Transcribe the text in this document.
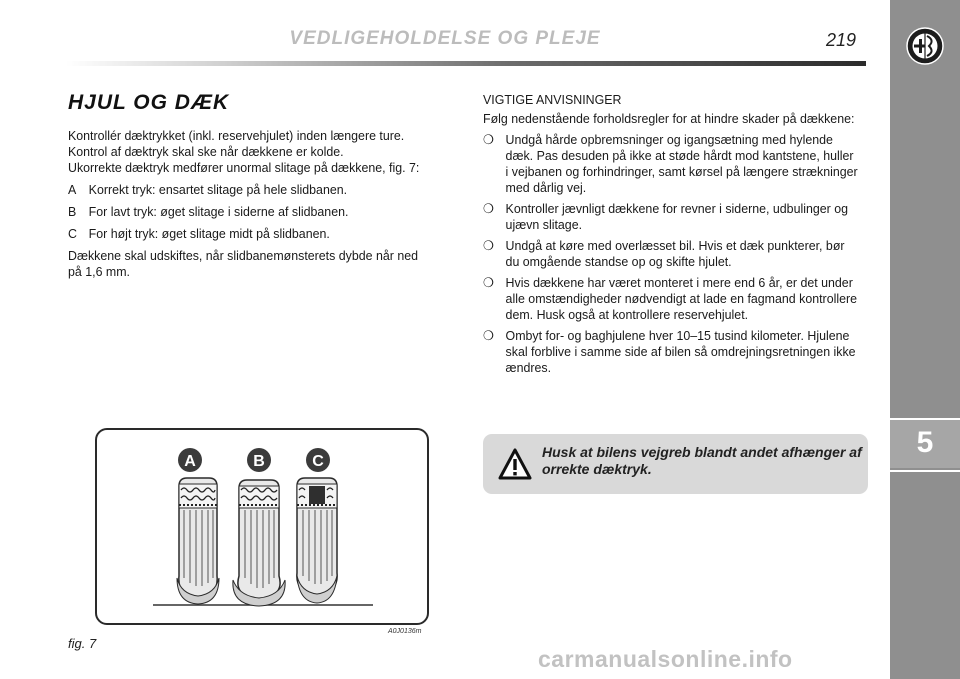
VEDLIGEHOLDELSE OG PLEJE	219
5
HJUL OG DÆK

Kontrollér dæktrykket (inkl. reservehjulet) inden længere ture. Kontrol af dæktryk skal ske når dækkene er kolde.

Ukorrekte dæktryk medfører unormal slitage på dækkene, fig. 7:

A Korrekt tryk: ensartet slitage på hele slidbanen.
B For lavt tryk: øget slitage i siderne af slidbanen.
C For højt tryk: øget slitage midt på slidbanen.

Dækkene skal udskiftes, når slidbanemønsterets dybde når ned på 1,6 mm.

VIGTIGE ANVISNINGER

Følg nedenstående forholdsregler for at hindre skader på dækkene:

❍ Undgå hårde opbremsninger og igangsætning med hylende dæk. Pas desuden på ikke at støde hårdt mod kantstene, huller i vejbanen og forhindringer, samt kørsel på længere strækninger med dårlig vej.
❍ Kontroller jævnligt dækkene for revner i siderne, udbulinger og ujævn slitage.
❍ Undgå at køre med overlæsset bil. Hvis et dæk punkterer, bør du omgående standse op og skifte hjulet.
❍ Hvis dækkene har været monteret i mere end 6 år, er det under alle omstændigheder nødvendigt at lade en fagmand kontrollere dem. Husk også at kontrollere reservehjulet.
❍ Ombyt for- og baghjulene hver 10–15 tusind kilometer. Hjulene skal forblive i samme side af bilen så omdrejningsretningen ikke ændres.
Husk at bilens vejgreb blandt andet afhænger af orrekte dæktryk.
A	B	C
fig. 7
A0J0136m
carmanualsonline.info
